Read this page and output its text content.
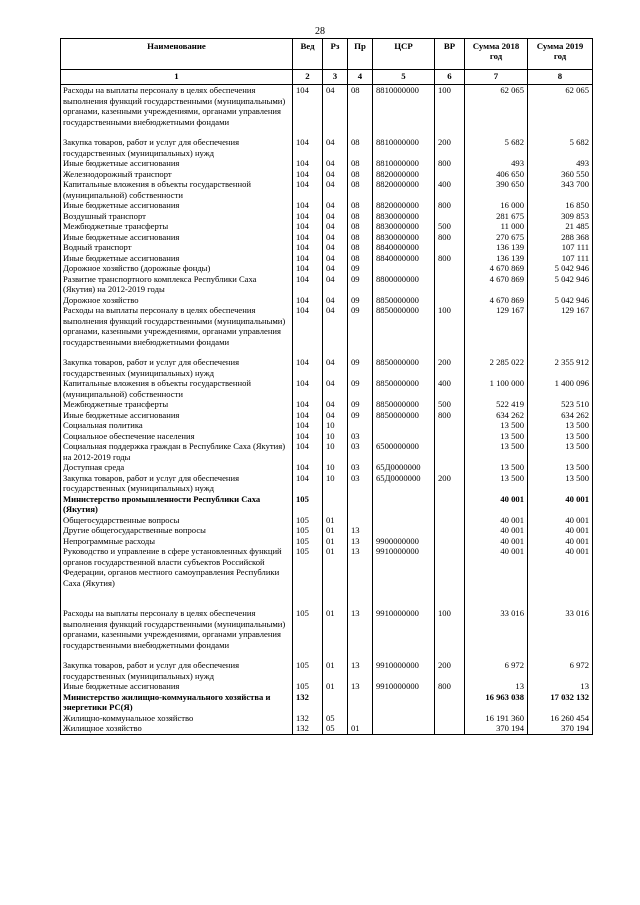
28
Наименование	Вед	Рз	Пр	ЦСР	ВР	Сумма 2018 год	Сумма 2019 год
1	2	3	4	5	6	7	8
Расходы на выплаты персоналу в целях обеспечения выполнения функций государственными (муниципальными) органами, казенными учреждениями, органами управления государственными внебюджетными фондами	104	04	08	8810000000	100	62 065	62 065
Закупка товаров, работ и услуг для обеспечения государственных (муниципальных) нужд	104	04	08	8810000000	200	5 682	5 682
Иные бюджетные ассигнования	104	04	08	8810000000	800	493	493
Железнодорожный транспорт	104	04	08	8820000000		406 650	360 550
Капитальные вложения в объекты государственной (муниципальной) собственности	104	04	08	8820000000	400	390 650	343 700
Иные бюджетные ассигнования	104	04	08	8820000000	800	16 000	16 850
Воздушный транспорт	104	04	08	8830000000		281 675	309 853
Межбюджетные трансферты	104	04	08	8830000000	500	11 000	21 485
Иные бюджетные ассигнования	104	04	08	8830000000	800	270 675	288 368
Водный транспорт	104	04	08	8840000000		136 139	107 111
Иные бюджетные ассигнования	104	04	08	8840000000	800	136 139	107 111
Дорожное хозяйство (дорожные фонды)	104	04	09			4 670 869	5 042 946
Развитие транспортного комплекса Республики Саха (Якутия) на 2012-2019 годы	104	04	09	8800000000		4 670 869	5 042 946
Дорожное хозяйство	104	04	09	8850000000		4 670 869	5 042 946
Расходы на выплаты персоналу в целях обеспечения выполнения функций государственными (муниципальными) органами, казенными учреждениями, органами управления государственными внебюджетными фондами	104	04	09	8850000000	100	129 167	129 167
Закупка товаров, работ и услуг для обеспечения государственных (муниципальных) нужд	104	04	09	8850000000	200	2 285 022	2 355 912
Капитальные вложения в объекты государственной (муниципальной) собственности	104	04	09	8850000000	400	1 100 000	1 400 096
Межбюджетные трансферты	104	04	09	8850000000	500	522 419	523 510
Иные бюджетные ассигнования	104	04	09	8850000000	800	634 262	634 262
Социальная политика	104	10				13 500	13 500
Социальное обеспечение населения	104	10	03			13 500	13 500
Социальная поддержка граждан в Республике Саха (Якутия) на 2012-2019 годы	104	10	03	6500000000		13 500	13 500
Доступная среда	104	10	03	65Д0000000		13 500	13 500
Закупка товаров, работ и услуг для обеспечения государственных (муниципальных) нужд	104	10	03	65Д0000000	200	13 500	13 500
Министерство промышленности Республики Саха (Якутия)	105					40 001	40 001
Общегосударственные вопросы	105	01				40 001	40 001
Другие общегосударственные вопросы	105	01	13			40 001	40 001
Непрограммные расходы	105	01	13	9900000000		40 001	40 001
Руководство и управление в сфере установленных функций органов государственной власти субъектов Российской Федерации, органов местного самоуправления Республики Саха (Якутия)	105	01	13	9910000000		40 001	40 001
Расходы на выплаты персоналу в целях обеспечения выполнения функций государственными (муниципальными) органами, казенными учреждениями, органами управления государственными внебюджетными фондами	105	01	13	9910000000	100	33 016	33 016
Закупка товаров, работ и услуг для обеспечения государственных (муниципальных) нужд	105	01	13	9910000000	200	6 972	6 972
Иные бюджетные ассигнования	105	01	13	9910000000	800	13	13
Министерство жилищно-коммунального хозяйства и энергетики РС(Я)	132					16 963 038	17 032 132
Жилищно-коммунальное хозяйство	132	05				16 191 360	16 260 454
Жилищное хозяйство	132	05	01			370 194	370 194
